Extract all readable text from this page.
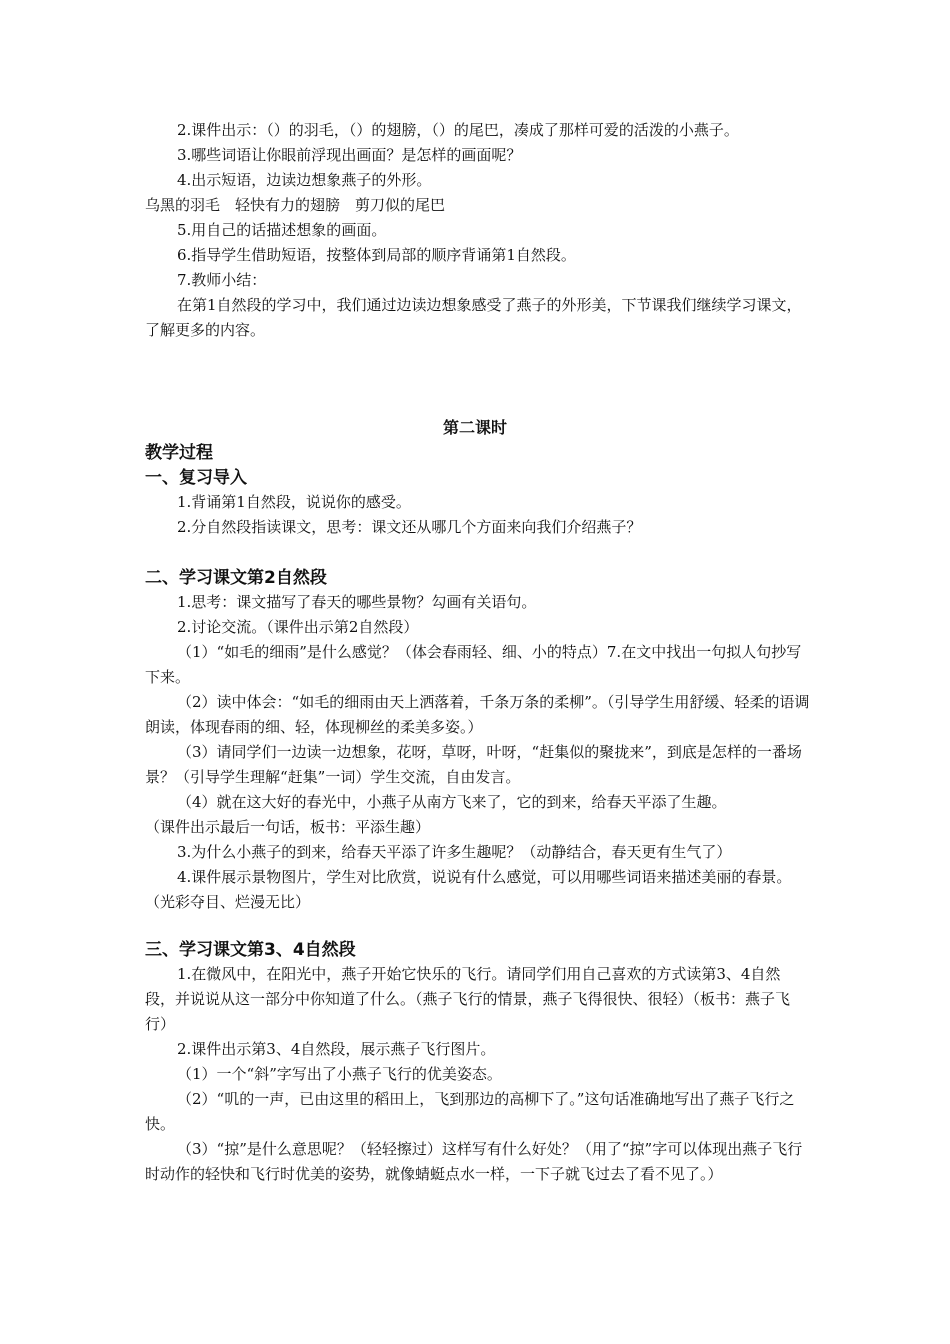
2.课件出示：（）的羽毛，（）的翅膀，（）的尾巴，凑成了那样可爱的活泼的小燕子。

3.哪些词语让你眼前浮现出画面？是怎样的画面呢？

4.出示短语，边读边想象燕子的外形。

乌黑的羽毛　轻快有力的翅膀　剪刀似的尾巴

5.用自己的话描述想象的画面。

6.指导学生借助短语，按整体到局部的顺序背诵第1自然段。

7.教师小结：

在第1自然段的学习中，我们通过边读边想象感受了燕子的外形美，下节课我们继续学习课文，了解更多的内容。

第二课时
教学过程
一、复习导入

1.背诵第1自然段，说说你的感受。

2.分自然段指读课文，思考：课文还从哪几个方面来向我们介绍燕子？

二、学习课文第2自然段

1.思考：课文描写了春天的哪些景物？勾画有关语句。

2.讨论交流。（课件出示第2自然段）

（1）“如毛的细雨”是什么感觉？（体会春雨轻、细、小的特点）7.在文中找出一句拟人句抄写下来。

（2）读中体会：“如毛的细雨由天上洒落着，千条万条的柔柳”。（引导学生用舒缓、轻柔的语调朗读，体现春雨的细、轻，体现柳丝的柔美多姿。）

（3）请同学们一边读一边想象，花呀，草呀，叶呀，“赶集似的聚拢来”，到底是怎样的一番场景？（引导学生理解“赶集”一词）学生交流，自由发言。

（4）就在这大好的春光中，小燕子从南方飞来了，它的到来，给春天平添了生趣。

（课件出示最后一句话，板书：平添生趣）

3.为什么小燕子的到来，给春天平添了许多生趣呢？（动静结合，春天更有生气了）

4.课件展示景物图片，学生对比欣赏，说说有什么感觉，可以用哪些词语来描述美丽的春景。（光彩夺目、烂漫无比）

三、学习课文第3、4自然段

1.在微风中，在阳光中，燕子开始它快乐的飞行。请同学们用自己喜欢的方式读第3、4自然段，并说说从这一部分中你知道了什么。（燕子飞行的情景，燕子飞得很快、很轻）（板书：燕子飞行）

2.课件出示第3、4自然段，展示燕子飞行图片。

（1）一个“斜”字写出了小燕子飞行的优美姿态。

（2）“叽的一声，已由这里的稻田上，飞到那边的高柳下了。”这句话准确地写出了燕子飞行之快。

（3）“掠”是什么意思呢？（轻轻擦过）这样写有什么好处？（用了“掠”字可以体现出燕子飞行时动作的轻快和飞行时优美的姿势，就像蜻蜓点水一样，一下子就飞过去了看不见了。）
